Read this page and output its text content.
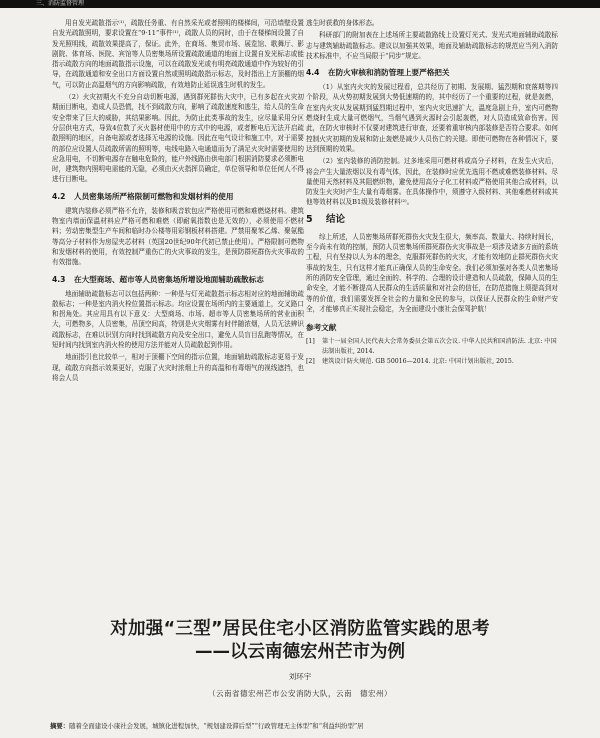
三、消防监督管理

用自发光疏散指示⁽¹⁾，疏散任务重、有自然采光或者照明的楼梯间，可沿墙壁设置自发光疏散照明，要求设置在“9·11”事件⁽¹⁾，疏散人员的同时，由于在楼梯间设置了自发光照明线，疏散效果提高了，保证。此外，在商场、集贸市场、展览馆、歌舞厅、影剧院、体育场、医院、宾馆等人员密集场所设置疏散通道的地面上设置自发光标志或能指示疏散方向的地面疏散指示设施，可以在疏散发光或有明亮疏散通道中作为较好的引导，在疏散通道和安全出口方面设置自然或照明疏散指示标志，及时指出上方顶棚的烟气，可以防止高温烟气的方向影响疏散，有效地防止延误逃生时机的发生。

（2）火灾初期火不充分自动切断电源，遇到群死群伤大灾中，已有多起在火灾初期面目断电，造成人员恐慌，找不到疏散方向，影响了疏散速度和逃生，给人员的生命安全带来了巨大的威胁，其结果影响。因此，为防止此类事故的发生，应尽量采用分区分层供电方式，导致4位数了灭火器材使用中的方式中的电源，或者断电后无法开启疏散照明的地区，自备电源或者选择无电源的设施。因此在电气设计和施工中，对于需要的部位应设置人员疏散所需的照明等，电线电路入电通道而为了满足火灾时需要使用的应急用电，不切断电源存在触电危险的，能户外线路由供电部门根据消防要求必须断电时，建筑物内照明电需能的无隐，必须由灭火指挥员确定，单位领导和单位任何人不得进行目断电。

4.2	人员密集场所严格限制可燃物和发烟材料的使用

建筑内装修必须严格不允许，装修和吸音软包应严格使用可燃和难燃烧材料。建筑物室内墙面保温材料应严格可燃和难燃（即耐氧指数也是无效的），必须使用不燃材料；劳动密集型生产车间和临时办公楼等用彩钢板材料搭建。严禁用聚苯乙烯、聚氨酯等高分子材料作为房屋夹芯材料（英国20世纪90年代初已禁止使用）。严格限制可燃物和发烟材料的使用，有效控制严重伤亡的火灾事故的发生，是预防群死群伤火灾事故的有效措施。

4.3	在大型商场、超市等人员密集场所增设地面辅助疏散标志

地面辅助疏散标志可以包括两种：一种是与灯光疏散指示标志相对应的地面辅助疏散标志；一种是室内消火栓位置指示标志。均应设置在场所内的主要通道上，交叉路口和拐角处。其应用具有以下意义：大型商场、市场、超市等人员密集场所的营业面积大，可燃物多，人员密集，吊顶空间高，特别是火灾烟雾有时伴随浓烟，人员无法辨识疏散标志，在难以识别方向时找到疏散方向及安全出口，避免人员盲目乱跑等情况，在短时间内找到室内消火栓的使用方法并能对人员疏散起到作用。

地面指引也比较单一，相对于顶棚下空间的指示位置，地面辅助疏散标志更易于发现，疏散方向指示效果更好，克服了火灾时浓烟上升的高温和有毒烟气的视线遮挡，也将会人员

逃生时获救的身体形态。

科研部门的附加表在上述场所主要疏散路线上设置灯光式、发光式地面辅助疏散标志与建筑辅助疏散标志。建议以加强其效果，地面及辅助疏散标志的规范应当列入消防技术标准中，不应当局限于“同步”规定。

4.4	在防火审核和消防管理上要严格把关

（1）从室内火灾的发展过程看，总共经历了初期、发展期、猛烈期和衰落期等四个阶段，从火势初期发展到大势低速期的的，其中经历了一个重要的过程，就是轰燃，在室内火灾从发展期到猛烈期过程中，室内火灾迅速扩大，温度急剧上升，室内可燃物燃烧时生成大量可燃烟气，当烟气遇到火源时会引起轰燃，对人员造成致命伤害。因此，在防火审核时不仅要对建筑进行审查，还要着重审核内部装修是否符合要求。如何控制火灾初期的发展和防止轰燃是减少人员伤亡的关键。即使可燃物在各种情况下，要达到预期的效果。

（2）室内装修的消防控制。过多地采用可燃材料或高分子材料，在发生火灾后，将会产生大量浓烟以及有毒气体，因此，在装修时应优先选用不燃或难燃装修材料。尽量使用天然材料及其阻燃织物，避免使用高分子化工材料或严格使用其他合成材料，以防发生火灾时产生大量有毒烟雾。在具体操作中，须遵守入级材料、其他难燃材料或其他等效材料以及B1级及装修材料⁽²⁾。

5 结论

综上所述，人员密集场所群死群伤火灾发生很大，频率高、数量大、持续时间长，至今尚未有效的控制，预防人员密集场所群死群伤火灾事故是一项涉及诸多方面的系统工程，只有坚持以人为本的理念，克服群死群伤的火灾，才能有效地防止群死群伤火灾事故的发生，只有这样才能真正确保人员的生命安全。我们必须加强对各类人员密集场所的消防安全管理，通过全面的、科学的、合理的设计建造和人员疏散，保障人员的生命安全，才能不断提高人民群众的生活质量和对社会的信任，在防范措施上须提高到对等的价值，我们需要发挥全社会的力量和全民的参与，以保证人民群众的生命财产安全，才能够真正实现社会稳定，为全面建设小康社会保驾护航！

参考文献
[1]	第十一届全国人民代表大会常务委员会第五次会议. 中华人民共和国消防法. 北京: 中国法制出版社, 2014.
[2]	建筑设计防火规范. GB 50016—2014. 北京: 中国计划出版社, 2015.
对加强“三型”居民住宅小区消防监管实践的思考
——以云南德宏州芒市为例
刘环宇
（云南省德宏州芒市公安消防大队，云南　德宏州）
摘要：随着全面建设小康社会发展，城镇化进程加快，“规划建设滞后型”“行政管理无主体型”和“利益纠纷型”居
